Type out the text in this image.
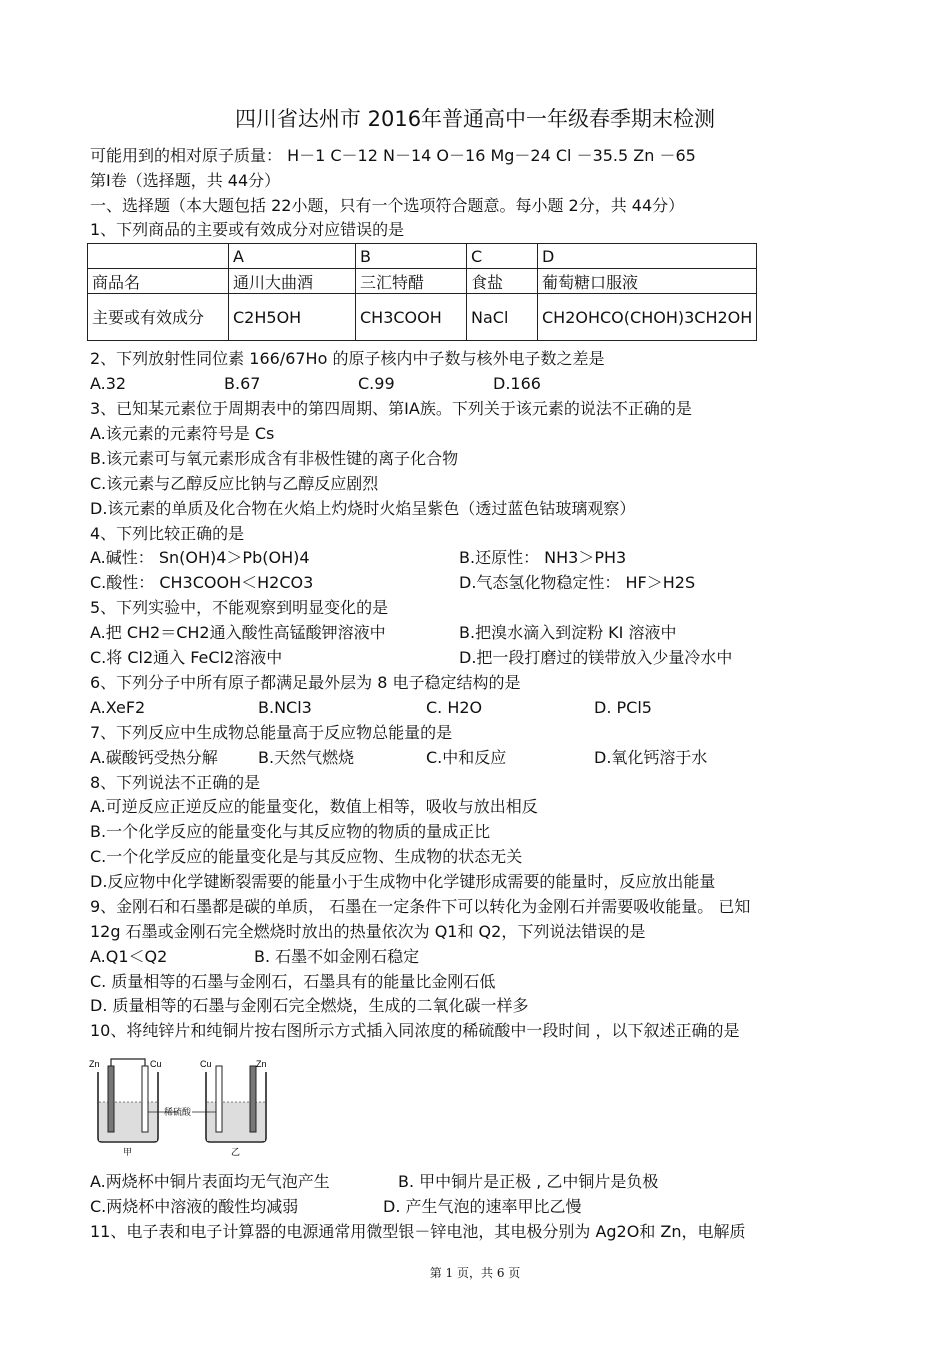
四川省达州市 2016年普通高中一年级春季期末检测
可能用到的相对原子质量： H－1 C－12 N－14 O－16 Mg－24 Cl －35.5 Zn －65
第Ⅰ卷（选择题，共 44分）
一、选择题（本大题包括 22小题，只有一个选项符合题意。每小题 2分，共 44分）
1、下列商品的主要或有效成分对应错误的是
	A	B	C	D
商品名	通川大曲酒	三汇特醋	食盐	葡萄糖口服液
主要或有效成分	C2H5OH	CH3COOH	NaCl	CH2OHCO(CHOH)3CH2OH
2、下列放射性同位素 166/67Ho 的原子核内中子数与核外电子数之差是
A.32	B.67	C.99	D.166
3、已知某元素位于周期表中的第四周期、第ⅠA族。下列关于该元素的说法不正确的是
A.该元素的元素符号是 Cs
B.该元素可与氧元素形成含有非极性键的离子化合物
C.该元素与乙醇反应比钠与乙醇反应剧烈
D.该元素的单质及化合物在火焰上灼烧时火焰呈紫色（透过蓝色钴玻璃观察）
4、下列比较正确的是
A.碱性： Sn(OH)4＞Pb(OH)4	B.还原性： NH3＞PH3
C.酸性： CH3COOH＜H2CO3	D.气态氢化物稳定性： HF＞H2S
5、下列实验中，不能观察到明显变化的是
A.把 CH2＝CH2通入酸性高锰酸钾溶液中	B.把溴水滴入到淀粉 KI 溶液中
C.将 Cl2通入 FeCl2溶液中	D.把一段打磨过的镁带放入少量冷水中
6、下列分子中所有原子都满足最外层为 8 电子稳定结构的是
A.XeF2	B.NCl3	C. H2O	D. PCl5
7、下列反应中生成物总能量高于反应物总能量的是
A.碳酸钙受热分解	B.天然气燃烧	C.中和反应	D.氧化钙溶于水
8、下列说法不正确的是
A.可逆反应正逆反应的能量变化，数值上相等，吸收与放出相反
B.一个化学反应的能量变化与其反应物的物质的量成正比
C.一个化学反应的能量变化是与其反应物、生成物的状态无关
D.反应物中化学键断裂需要的能量小于生成物中化学键形成需要的能量时，反应放出能量
9、金刚石和石墨都是碳的单质， 石墨在一定条件下可以转化为金刚石并需要吸收能量。 已知
12g 石墨或金刚石完全燃烧时放出的热量依次为 Q1和 Q2，下列说法错误的是
A.Q1＜Q2	B. 石墨不如金刚石稳定
C. 质量相等的石墨与金刚石，石墨具有的能量比金刚石低
D. 质量相等的石墨与金刚石完全燃烧，生成的二氧化碳一样多
10、将纯锌片和纯铜片按右图所示方式插入同浓度的稀硫酸中一段时间 ，以下叙述正确的是
Zn	Cu
甲
Cu	Zn
乙
稀硫酸
A.两烧杯中铜片表面均无气泡产生	B. 甲中铜片是正极 , 乙中铜片是负极
C.两烧杯中溶液的酸性均减弱	D. 产生气泡的速率甲比乙慢
11、电子表和电子计算器的电源通常用微型银－锌电池，其电极分别为 Ag2O和 Zn，电解质
第 1 页，共 6 页
